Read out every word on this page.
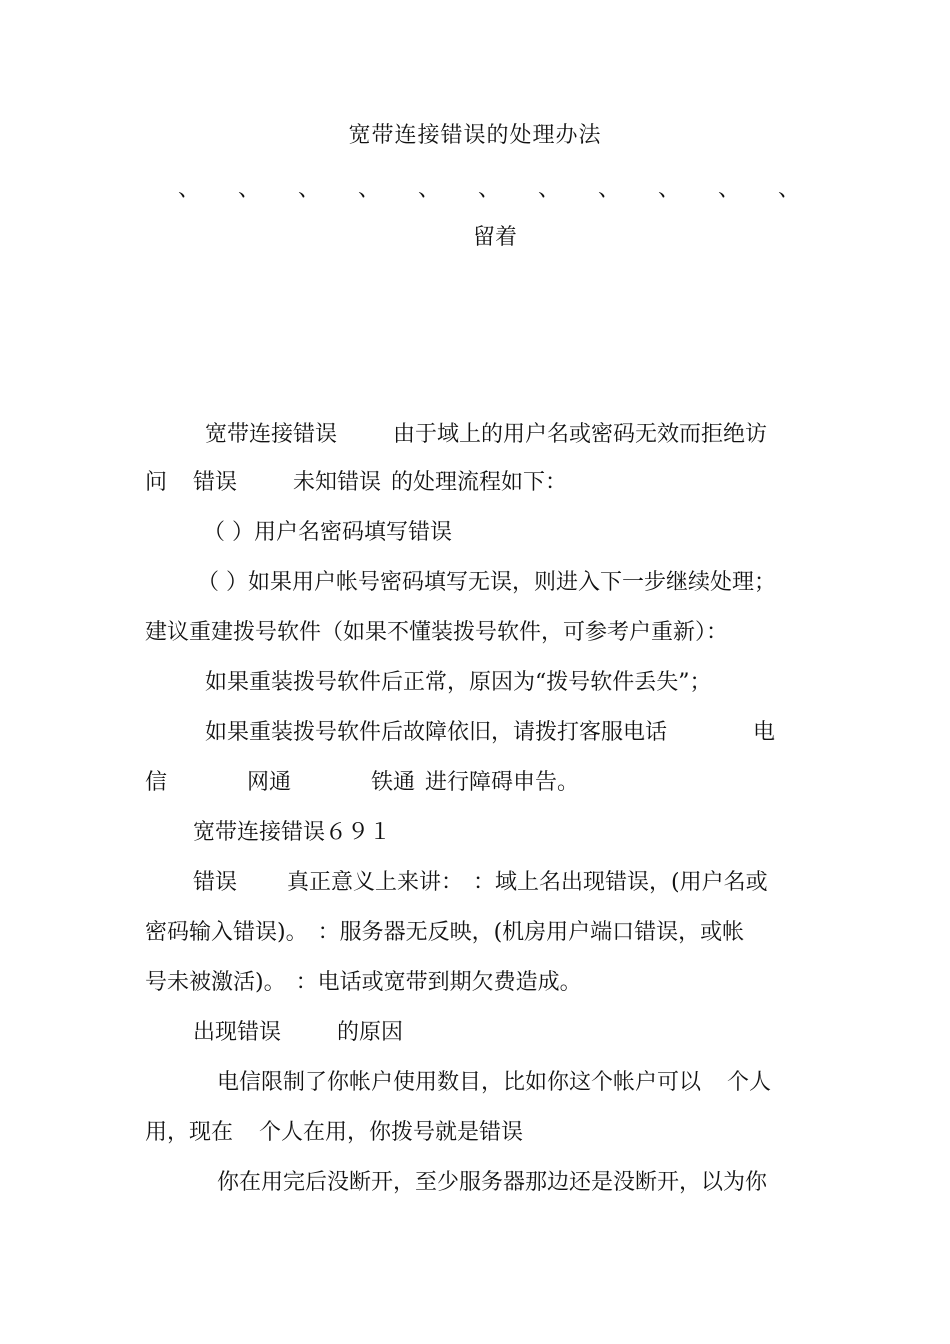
宽带连接错误的处理办法
、 、 、 、 、 、 、 、 、 、 、
留着
宽带连接错误	由于域上的用户名或密码无效而拒绝访
问 错误	未知错误 的处理流程如下：
（ ）用户名密码填写错误
（ ）如果用户帐号密码填写无误，则进入下一步继续处理；
建议重建拨号软件（如果不懂装拨号软件，可参考户重新）：
如果重装拨号软件后正常，原因为“拨号软件丢失”；
如果重装拨号软件后故障依旧，请拨打客服电话	电
信	网通	铁通 进行障碍申告。
宽带连接错误６９１
错误 真正意义上来讲： ：域上名出现错误，(用户名或
密码输入错误)。 ：服务器无反映，(机房用户端口错误，或帐
号未被激活)。 ：电话或宽带到期欠费造成。
出现错误	的原因
电信限制了你帐户使用数目，比如你这个帐户可以 个人
用，现在 个人在用，你拨号就是错误
你在用完后没断开，至少服务器那边还是没断开，以为你
